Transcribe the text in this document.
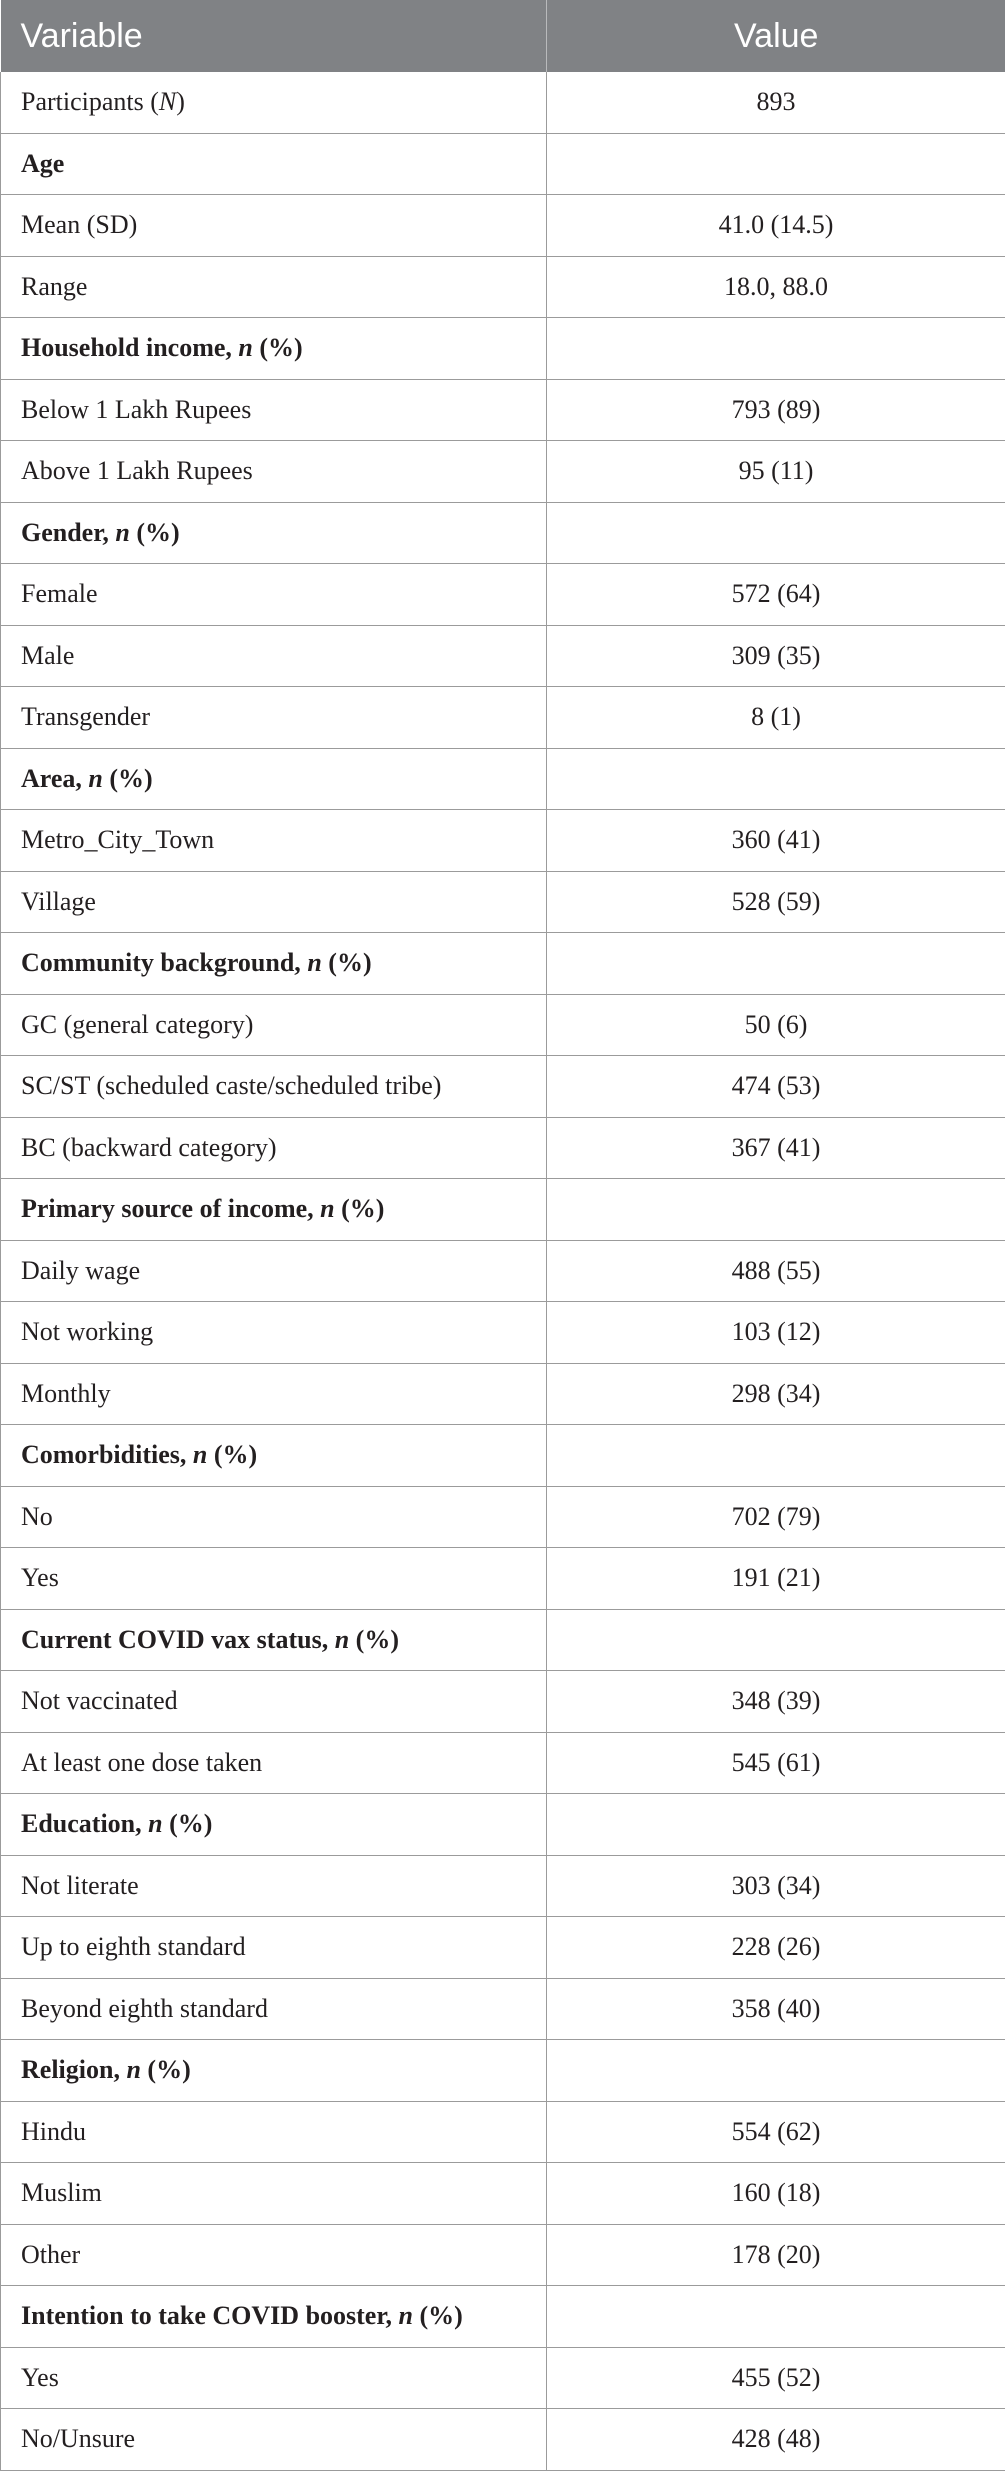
Variable	Value
Participants (N)	893
Age	
Mean (SD)	41.0 (14.5)
Range	18.0, 88.0
Household income, n (%)	
Below 1 Lakh Rupees	793 (89)
Above 1 Lakh Rupees	95 (11)
Gender, n (%)	
Female	572 (64)
Male	309 (35)
Transgender	8 (1)
Area, n (%)	
Metro_City_Town	360 (41)
Village	528 (59)
Community background, n (%)	
GC (general category)	50 (6)
SC/ST (scheduled caste/scheduled tribe)	474 (53)
BC (backward category)	367 (41)
Primary source of income, n (%)	
Daily wage	488 (55)
Not working	103 (12)
Monthly	298 (34)
Comorbidities, n (%)	
No	702 (79)
Yes	191 (21)
Current COVID vax status, n (%)	
Not vaccinated	348 (39)
At least one dose taken	545 (61)
Education, n (%)	
Not literate	303 (34)
Up to eighth standard	228 (26)
Beyond eighth standard	358 (40)
Religion, n (%)	
Hindu	554 (62)
Muslim	160 (18)
Other	178 (20)
Intention to take COVID booster, n (%)	
Yes	455 (52)
No/Unsure	428 (48)
